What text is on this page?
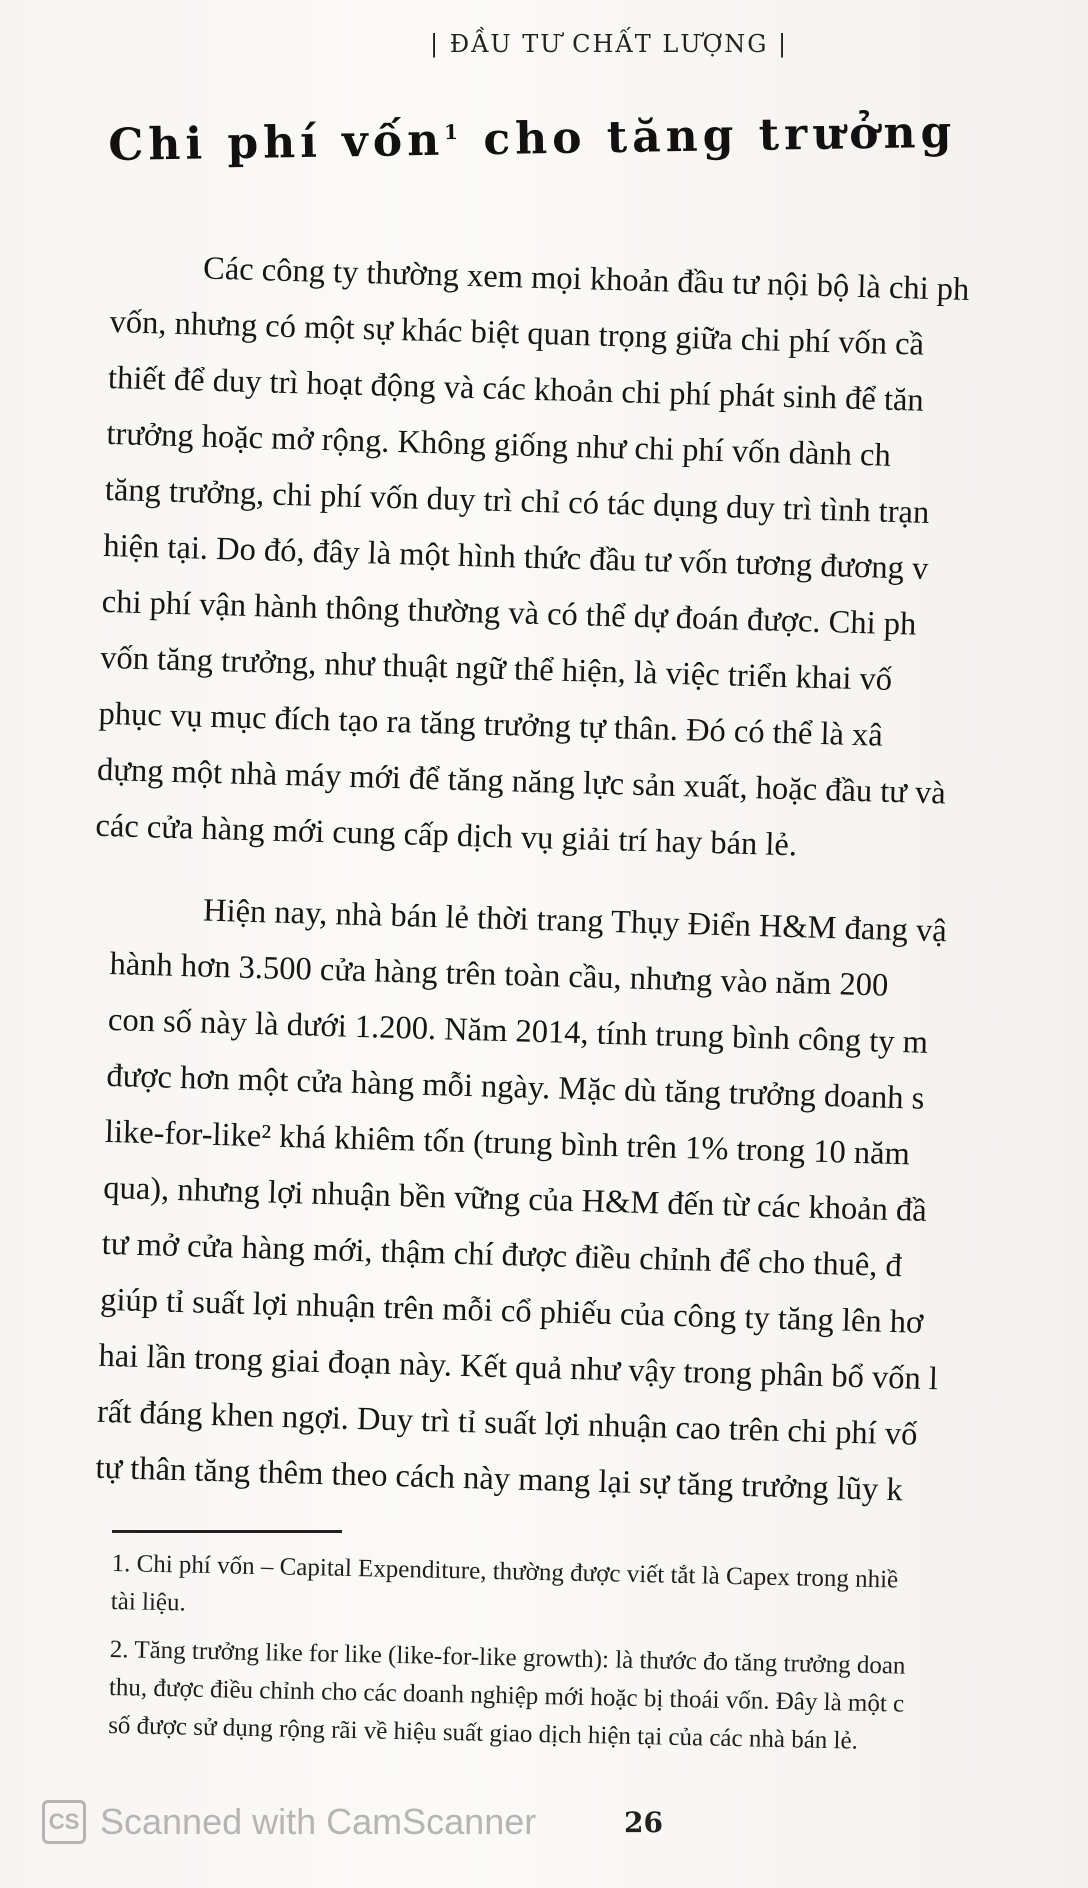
| ĐẦU TƯ CHẤT LƯỢNG |
Chi phí vốn$^1$ cho tăng trưởng
Các công ty thường xem mọi khoản đầu tư nội bộ là chi ph
vốn, nhưng có một sự khác biệt quan trọng giữa chi phí vốn cầ
thiết để duy trì hoạt động và các khoản chi phí phát sinh để tăn
trưởng hoặc mở rộng. Không giống như chi phí vốn dành ch
tăng trưởng, chi phí vốn duy trì chỉ có tác dụng duy trì tình trạn
hiện tại. Do đó, đây là một hình thức đầu tư vốn tương đương v
chi phí vận hành thông thường và có thể dự đoán được. Chi ph
vốn tăng trưởng, như thuật ngữ thể hiện, là việc triển khai vố
phục vụ mục đích tạo ra tăng trưởng tự thân. Đó có thể là xâ
dựng một nhà máy mới để tăng năng lực sản xuất, hoặc đầu tư và
các cửa hàng mới cung cấp dịch vụ giải trí hay bán lẻ.
Hiện nay, nhà bán lẻ thời trang Thụy Điển H&M đang vậ
hành hơn 3.500 cửa hàng trên toàn cầu, nhưng vào năm 200
con số này là dưới 1.200. Năm 2014, tính trung bình công ty m
được hơn một cửa hàng mỗi ngày. Mặc dù tăng trưởng doanh s
like-for-like² khá khiêm tốn (trung bình trên 1% trong 10 năm
qua), nhưng lợi nhuận bền vững của H&M đến từ các khoản đầ
tư mở cửa hàng mới, thậm chí được điều chỉnh để cho thuê, đ
giúp tỉ suất lợi nhuận trên mỗi cổ phiếu của công ty tăng lên hơ
hai lần trong giai đoạn này. Kết quả như vậy trong phân bổ vốn l
rất đáng khen ngợi. Duy trì tỉ suất lợi nhuận cao trên chi phí vố
tự thân tăng thêm theo cách này mang lại sự tăng trưởng lũy k
1. Chi phí vốn – Capital Expenditure, thường được viết tắt là Capex trong nhiề
tài liệu.
2. Tăng trưởng like for like (like-for-like growth): là thước đo tăng trưởng doan
thu, được điều chỉnh cho các doanh nghiệp mới hoặc bị thoái vốn. Đây là một c
số được sử dụng rộng rãi về hiệu suất giao dịch hiện tại của các nhà bán lẻ.
CS Scanned with CamScanner	26
